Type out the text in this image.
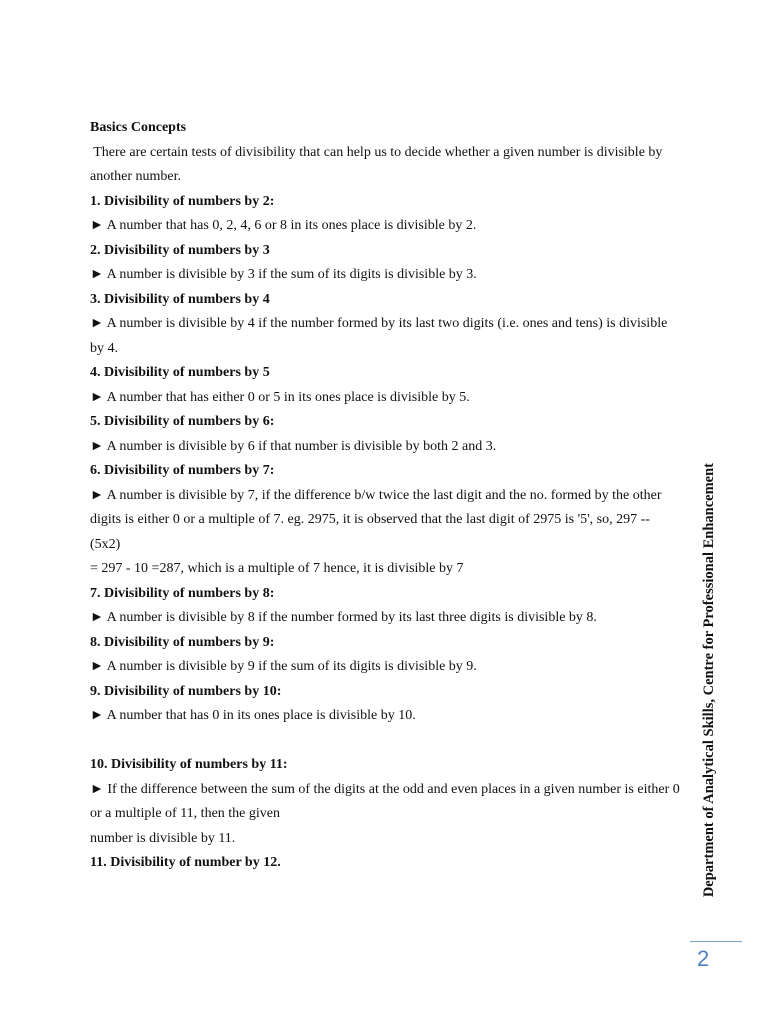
Basics Concepts

There are certain tests of divisibility that can help us to decide whether a given number is divisible by

another number.

1. Divisibility of numbers by 2:

► A number that has 0, 2, 4, 6 or 8 in its ones place is divisible by 2.

2. Divisibility of numbers by 3

► A number is divisible by 3 if the sum of its digits is divisible by 3.

3. Divisibility of numbers by 4

► A number is divisible by 4 if the number formed by its last two digits (i.e. ones and tens) is divisible

by 4.

4. Divisibility of numbers by 5

► A number that has either 0 or 5 in its ones place is divisible by 5.

5. Divisibility of numbers by 6:

► A number is divisible by 6 if that number is divisible by both 2 and 3.

6. Divisibility of numbers by 7:

► A number is divisible by 7, if the difference b/w twice the last digit and the no. formed by the other

digits is either 0 or a multiple of 7. eg. 2975, it is observed that the last digit of 2975 is '5', so, 297 --(5x2)

= 297 - 10 =287, which is a multiple of 7 hence, it is divisible by 7

7. Divisibility of numbers by 8:

► A number is divisible by 8 if the number formed by its last three digits is divisible by 8.

8. Divisibility of numbers by 9:

► A number is divisible by 9 if the sum of its digits is divisible by 9.

9. Divisibility of numbers by 10:

► A number that has 0 in its ones place is divisible by 10.

10. Divisibility of numbers by 11:

► If the difference between the sum of the digits at the odd and even places in a given number is either 0

or a multiple of 11, then the given

number is divisible by 11.

11. Divisibility of number by 12.	Department of Analytical Skills, Centre for Professional Enhancement
2
